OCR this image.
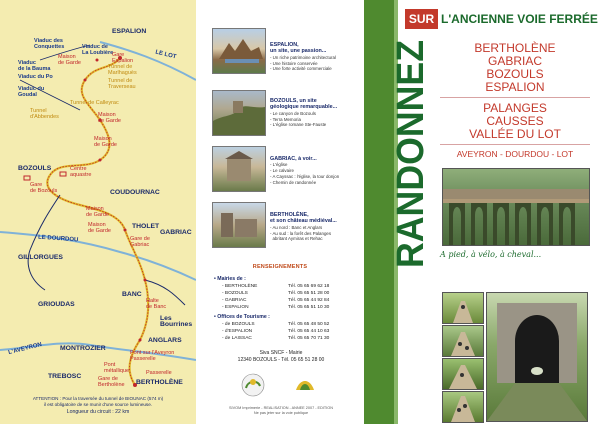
ESPALION
LE LOT
Viaduc des
Conquettes	Viaduc de
La Loubière
Maison
de Garde
Gare
Espalion
Viaduc
de la Bauma
Viaduc du Po
Tunnel de
Marlhaguès
Tunnel de
Traverseau
Viaduc du
Goudal
Tunnel de Calleyrac
Tunnel
d'Abbendes	Maison
de Garde
Maison
de Garde
BOZOULS	Centre
aquastre
Gare
de Bozouls	COUDOURNAC
Maison
de Garde
THOLET
GABRIAC
Maison
de Garde
Gare de
Gabriac
LE DOURDOU
GILLORGUES
GRIOUDAS
BANC
Halte
de Banc
Les
Bourrines
L'AVEYRON	MONTROZIER
ANGLARS
Pont sur l'Aveyron
Passerelle
Pont
métallique
TREBOSC	Gare de
Bertholène
Passerelle
BERTHOLÈNE
ATTENTION : Pour la traversée du tunnel de BIOUNAC (574 m)
il est obligatoire de se munir d'une source lumineuse.
Longueur du circuit : 22 km
ESPALION,
un site, une passion...
- Un riche patrimoine architectural
- Une histoire conservée
- Une forte activité commerciale
BOZOULS, un site
géologique remarquable...
- Le canyon de Bozouls
- Terra Memoria
- L'église romane Ste-Fauste
GABRIAC, à voir...
- L'église
- Le calvaire
- A Cayssac : l'église, la tour donjon
- Chemin de randonnée
BERTHOLÈNE,
et son château médiéval...
- Au nord : Banc et Anglars
- Au sud : la forêt des Palanges
abritant Aymiras et Rehac
RENSEIGNEMENTS
• Mairies de :
- BERTHOLÈNE	Tél. 05 65 69 62 18
- BOZOULS	Tél. 05 65 51 28 00
- GABRIAC	Tél. 05 65 44 92 84
- ESPALION	Tél. 05 65 51 10 30
• Offices de Tourisme :
- de BOZOULS	Tél. 05 65 48 50 52
- d'ESPALION	Tél. 05 65 44 10 63
- de LAISSAC	Tél. 05 65 70 71 30
Siva SNCF - Mairie
12340 BOZOULS - Tél. 05 65 51 28 00
SIVOM Imprimerie - REALISATION - ANNEE 2007 - EDITION
Ne pas jeter sur la voie publique
SUR L'ANCIENNE VOIE FERRÉE
RANDONNEZ	BERTHOLÈNE
GABRIAC
BOZOULS
ESPALION
PALANGES
CAUSSES
VALLÉE DU LOT
AVEYRON - DOURDOU - LOT
A pied, à vélo, à cheval...
